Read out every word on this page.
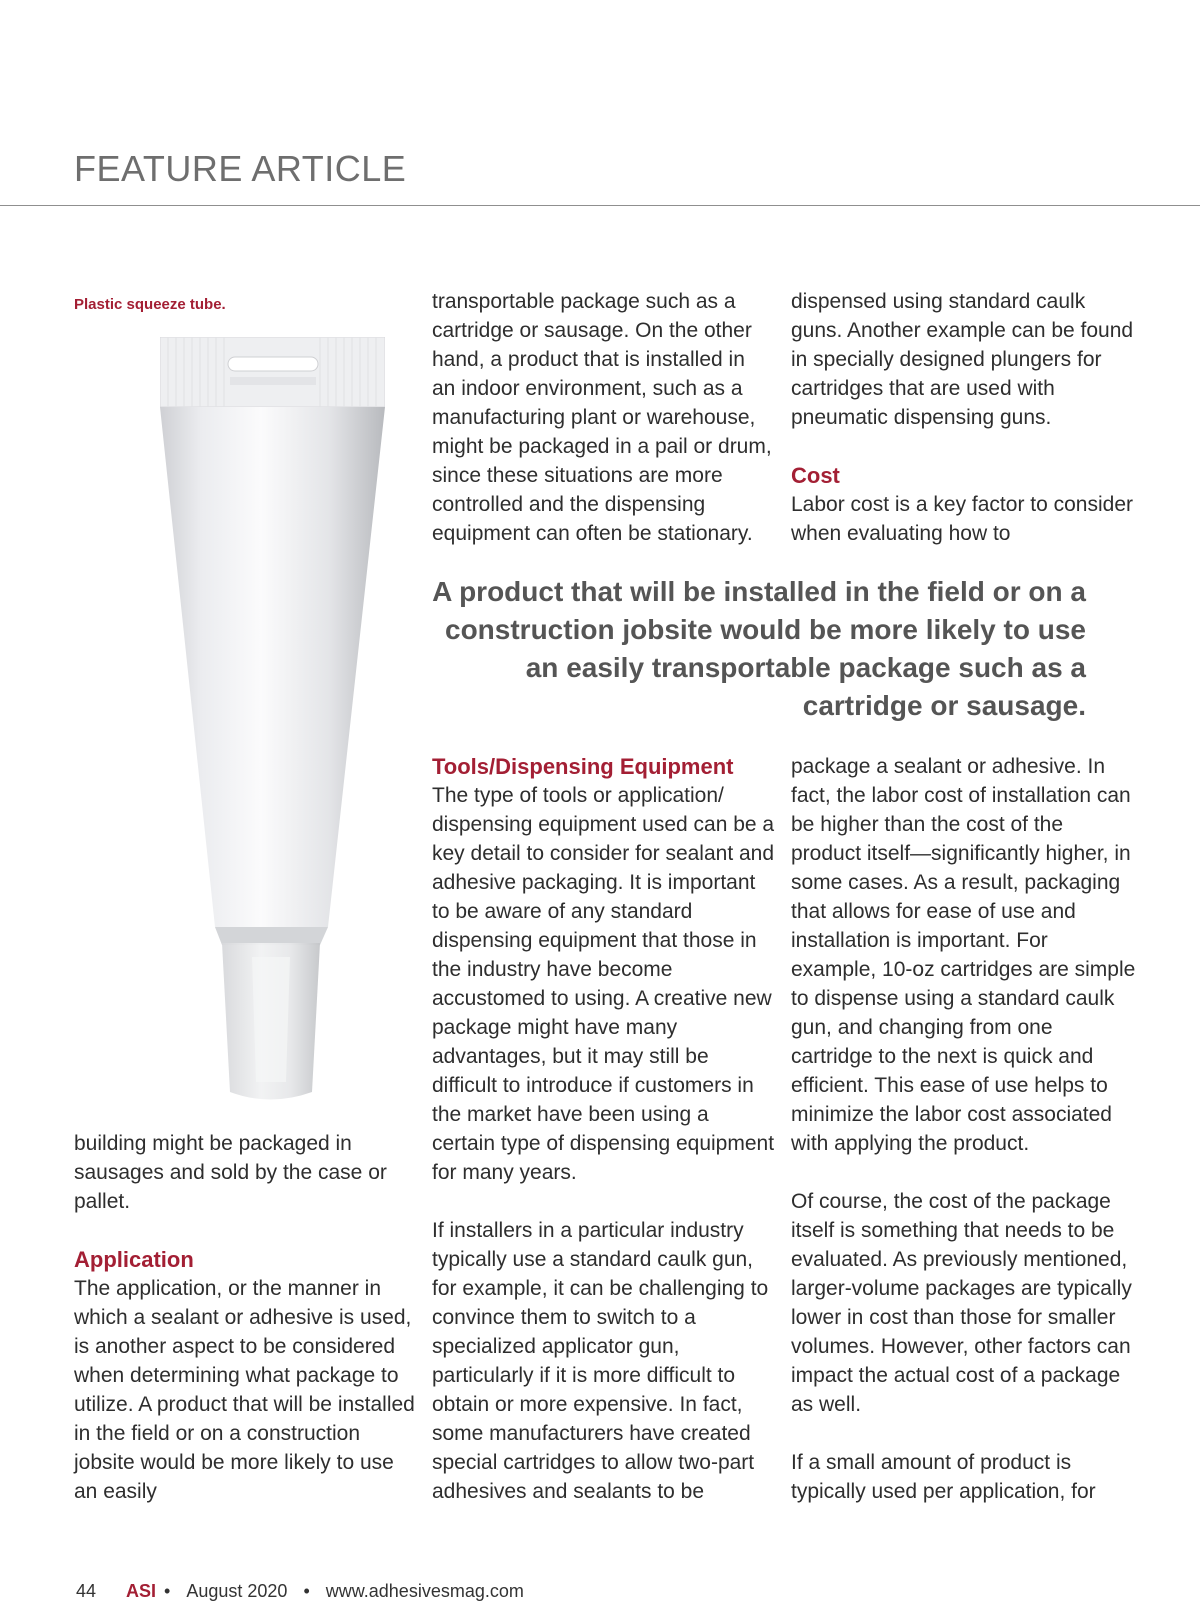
FEATURE ARTICLE
Plastic squeeze tube.	transportable package such as a cartridge or sausage. On the other hand, a product that is installed in an indoor environment, such as a manufacturing plant or warehouse, might be packaged in a pail or drum, since these situations are more controlled and the dispensing equipment can often be stationary.

dispensed using standard caulk guns. Another example can be found in specially designed plungers for cartridges that are used with pneumatic dispensing guns.

Cost

Labor cost is a key factor to consider when evaluating how to

A product that will be installed in the field or on a construction jobsite would be more likely to use an easily transportable package such as a cartridge or sausage.

building might be packaged in sausages and sold by the case or pallet.

Application

The application, or the manner in which a sealant or adhesive is used, is another aspect to be considered when determining what package to utilize. A product that will be installed in the field or on a construction jobsite would be more likely to use an easily

Tools/Dispensing Equipment

The type of tools or application/ dispensing equipment used can be a key detail to consider for sealant and adhesive packaging. It is important to be aware of any standard dispensing equipment that those in the industry have become accustomed to using. A creative new package might have many advantages, but it may still be difficult to introduce if customers in the market have been using a certain type of dispensing equipment for many years.

If installers in a particular industry typically use a standard caulk gun, for example, it can be challenging to convince them to switch to a specialized applicator gun, particularly if it is more difficult to obtain or more expensive. In fact, some manufacturers have created special cartridges to allow two-part adhesives and sealants to be

package a sealant or adhesive. In fact, the labor cost of installation can be higher than the cost of the product itself—significantly higher, in some cases. As a result, packaging that allows for ease of use and installation is important. For example, 10-oz cartridges are simple to dispense using a standard caulk gun, and changing from one cartridge to the next is quick and efficient. This ease of use helps to minimize the labor cost associated with applying the product.

Of course, the cost of the package itself is something that needs to be evaluated. As previously mentioned, larger-volume packages are typically lower in cost than those for smaller volumes. However, other factors can impact the actual cost of a package as well.

If a small amount of product is typically used per application, for

44 ASI • August 2020 • www.adhesivesmag.com
